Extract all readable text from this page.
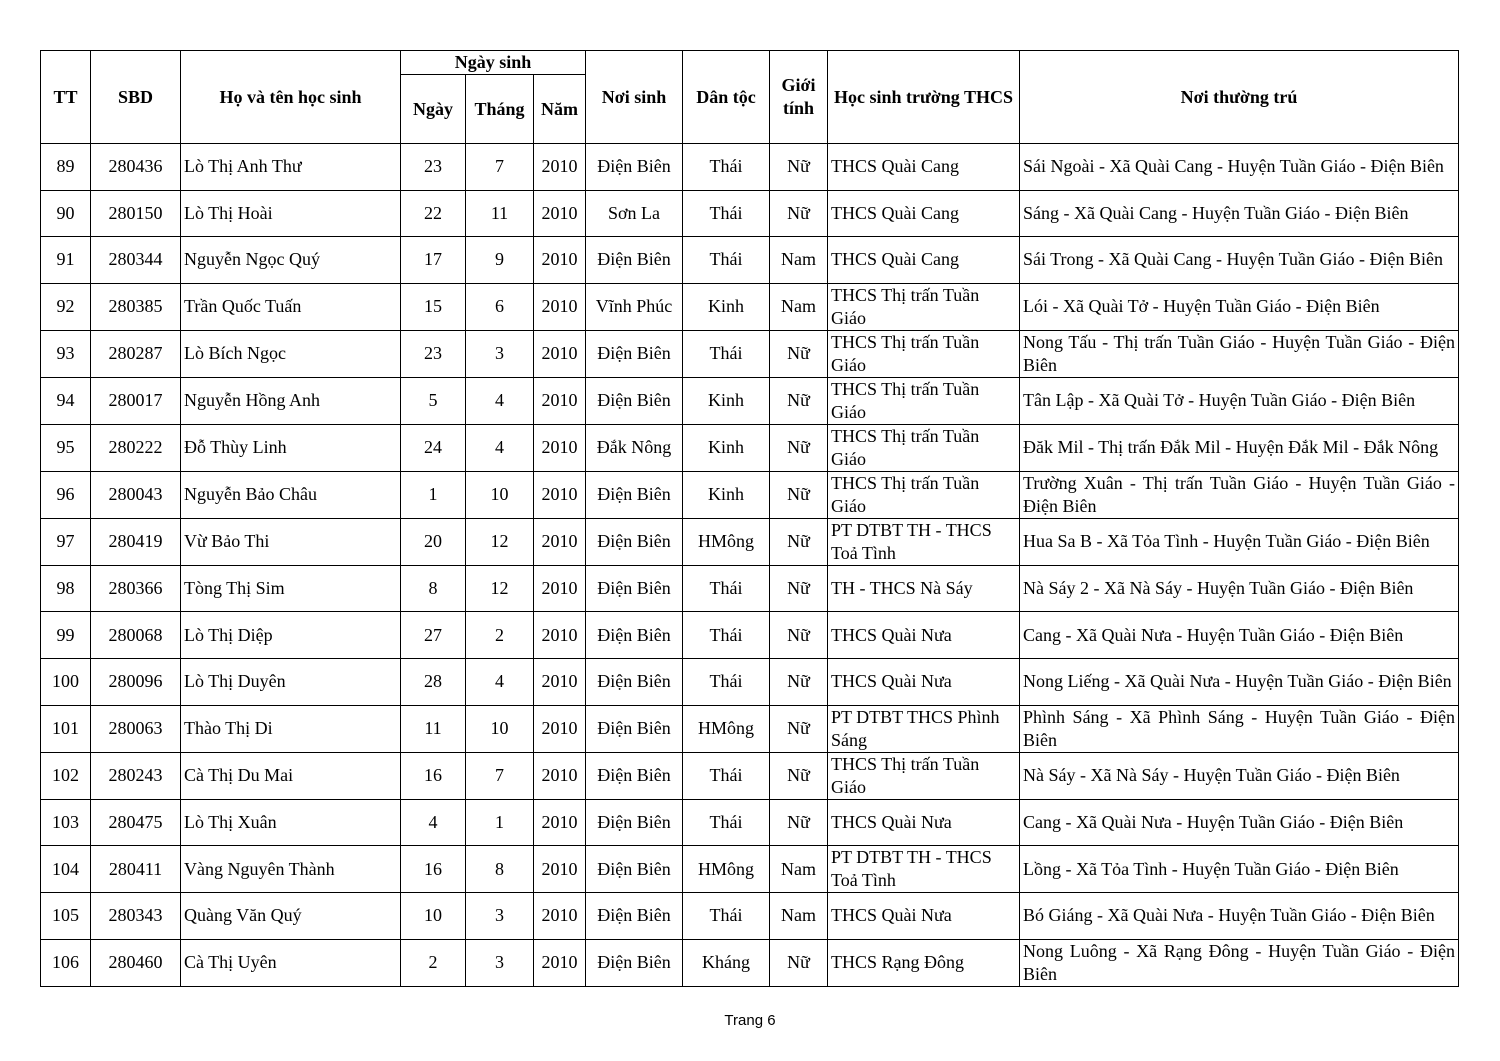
TT	SBD	Họ và tên học sinh	Ngày sinh			Nơi sinh	Dân tộc	Giới tính	Học sinh trường THCS	Nơi thường trú
			Ngày	Tháng	Năm					
89	280436	Lò Thị Anh Thư	23	7	2010	Điện Biên	Thái	Nữ	THCS Quài Cang	Sái Ngoài - Xã Quài Cang - Huyện Tuần Giáo - Điện Biên
90	280150	Lò Thị Hoài	22	11	2010	Sơn La	Thái	Nữ	THCS Quài Cang	Sáng - Xã Quài Cang - Huyện Tuần Giáo - Điện Biên
91	280344	Nguyễn Ngọc Quý	17	9	2010	Điện Biên	Thái	Nam	THCS Quài Cang	Sái Trong - Xã Quài Cang - Huyện Tuần Giáo - Điện Biên
92	280385	Trần Quốc Tuấn	15	6	2010	Vĩnh Phúc	Kinh	Nam	THCS Thị trấn Tuần Giáo	Lói - Xã Quài Tở - Huyện Tuần Giáo - Điện Biên
93	280287	Lò Bích Ngọc	23	3	2010	Điện Biên	Thái	Nữ	THCS Thị trấn Tuần Giáo	Nong Tấu - Thị trấn Tuần Giáo - Huyện Tuần Giáo - Điện Biên
94	280017	Nguyễn Hồng Anh	5	4	2010	Điện Biên	Kinh	Nữ	THCS Thị trấn Tuần Giáo	Tân Lập - Xã Quài Tở - Huyện Tuần Giáo - Điện Biên
95	280222	Đỗ Thùy Linh	24	4	2010	Đắk Nông	Kinh	Nữ	THCS Thị trấn Tuần Giáo	Đăk Mil - Thị trấn Đắk Mil - Huyện Đắk Mil - Đắk Nông
96	280043	Nguyễn Bảo Châu	1	10	2010	Điện Biên	Kinh	Nữ	THCS Thị trấn Tuần Giáo	Trường Xuân - Thị trấn Tuần Giáo - Huyện Tuần Giáo - Điện Biên
97	280419	Vừ Bảo Thi	20	12	2010	Điện Biên	HMông	Nữ	PT DTBT TH - THCS Toả Tình	Hua Sa B - Xã Tỏa Tình - Huyện Tuần Giáo - Điện Biên
98	280366	Tòng Thị Sim	8	12	2010	Điện Biên	Thái	Nữ	TH - THCS Nà Sáy	Nà Sáy 2 - Xã Nà Sáy - Huyện Tuần Giáo - Điện Biên
99	280068	Lò Thị Diệp	27	2	2010	Điện Biên	Thái	Nữ	THCS Quài Nưa	Cang - Xã Quài Nưa - Huyện Tuần Giáo - Điện Biên
100	280096	Lò Thị Duyên	28	4	2010	Điện Biên	Thái	Nữ	THCS Quài Nưa	Nong Liếng - Xã Quài Nưa - Huyện Tuần Giáo - Điện Biên
101	280063	Thào Thị Di	11	10	2010	Điện Biên	HMông	Nữ	PT DTBT THCS Phình Sáng	Phình Sáng - Xã Phình Sáng - Huyện Tuần Giáo - Điện Biên
102	280243	Cà Thị Du Mai	16	7	2010	Điện Biên	Thái	Nữ	THCS Thị trấn Tuần Giáo	Nà Sáy - Xã Nà Sáy - Huyện Tuần Giáo - Điện Biên
103	280475	Lò Thị Xuân	4	1	2010	Điện Biên	Thái	Nữ	THCS Quài Nưa	Cang - Xã Quài Nưa - Huyện Tuần Giáo - Điện Biên
104	280411	Vàng Nguyên Thành	16	8	2010	Điện Biên	HMông	Nam	PT DTBT TH - THCS Toả Tình	Lồng - Xã Tỏa Tình - Huyện Tuần Giáo - Điện Biên
105	280343	Quàng Văn Quý	10	3	2010	Điện Biên	Thái	Nam	THCS Quài Nưa	Bó Giáng - Xã Quài Nưa - Huyện Tuần Giáo - Điện Biên
106	280460	Cà Thị Uyên	2	3	2010	Điện Biên	Kháng	Nữ	THCS Rạng Đông	Nong Luông - Xã Rạng Đông - Huyện Tuần Giáo - Điện Biên
Trang 6
